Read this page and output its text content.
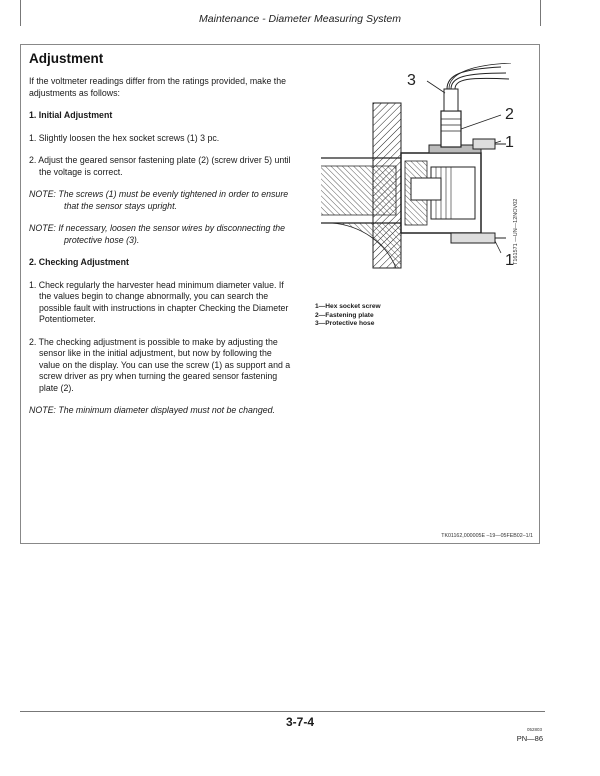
Maintenance - Diameter Measuring System
Adjustment

If the voltmeter readings differ from the ratings provided, make the adjustments as follows:

1. Initial Adjustment

1. Slightly loosen the hex socket screws (1) 3 pc.

2. Adjust the geared sensor fastening plate (2) (screw driver 5) until the voltage is correct.

NOTE: The screws (1) must be evenly tightened in order to ensure that the sensor stays upright.

NOTE: If necessary, loosen the sensor wires by disconnecting the protective hose (3).

2. Checking Adjustment

1. Check regularly the harvester head minimum diameter value. If the values begin to change abnormally, you can search the possible fault with instructions in chapter Checking the Diameter Potentiometer.

2. The checking adjustment is possible to make by adjusting the sensor like in the initial adjustment, but now by following the value on the display. You can use the screw (1) as support and a screw driver as pry when turning the geared sensor fastening plate (2).

NOTE: The minimum diameter displayed must not be changed.

3
2
1
1 T161571 —UN—12NOV02
1—Hex socket screw
2—Fastening plate
3—Protective hose
TK01162,000005E –19—05FEB02–1/1
3-7-4
052803
PN—86
